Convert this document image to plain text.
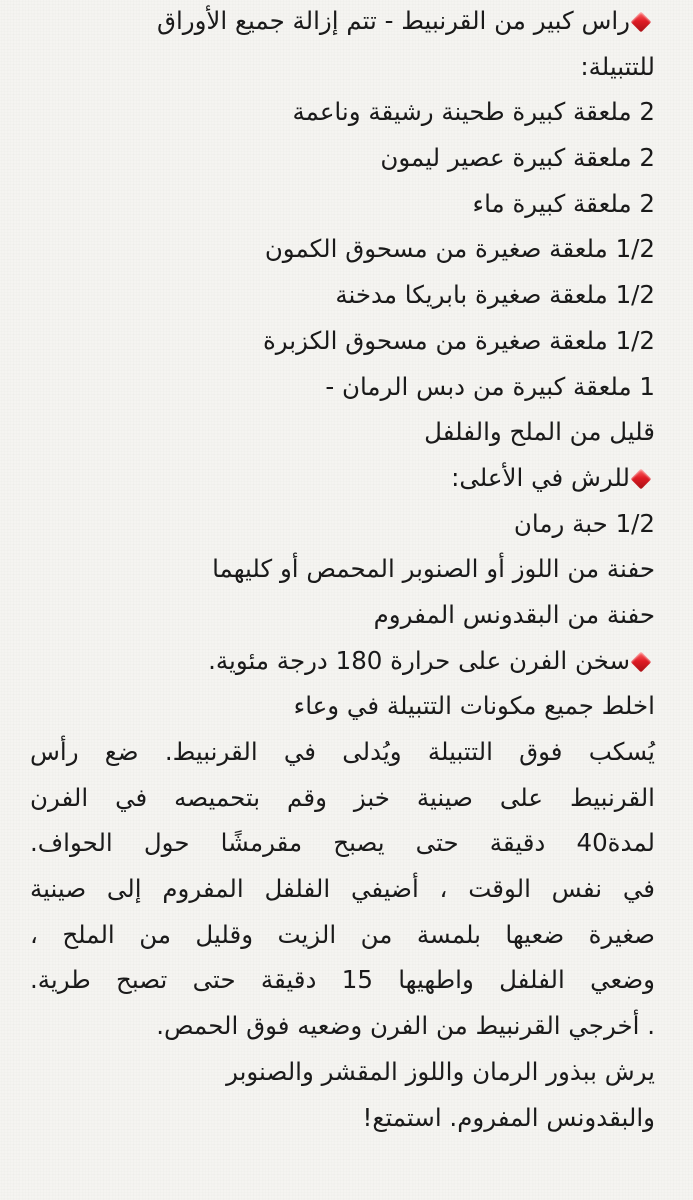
راس كبير من القرنبيط - تتم إزالة جميع الأوراق
للتتبيلة:
2 ملعقة كبيرة طحينة رشيقة وناعمة
2 ملعقة كبيرة عصير ليمون
2 ملعقة كبيرة ماء
1/2 ملعقة صغيرة من مسحوق الكمون
1/2 ملعقة صغيرة بابريكا مدخنة
1/2 ملعقة صغيرة من مسحوق الكزبرة
1 ملعقة كبيرة من دبس الرمان -
قليل من الملح والفلفل
للرش في الأعلى:
1/2 حبة رمان
حفنة من اللوز أو الصنوبر المحمص أو كليهما
حفنة من البقدونس المفروم
سخن الفرن على حرارة 180 درجة مئوية.
اخلط جميع مكونات التتبيلة في وعاء
يُسكب فوق التتبيلة ويُدلى في القرنبيط. ضع رأس
القرنبيط على صينية خبز وقم بتحميصه في الفرن
لمدة40 دقيقة حتى يصبح مقرمشًا حول الحواف.
في نفس الوقت ، أضيفي الفلفل المفروم إلى صينية
صغيرة ضعيها بلمسة من الزيت وقليل من الملح ،
وضعي الفلفل واطهيها 15 دقيقة حتى تصبح طرية.
. أخرجي القرنبيط من الفرن وضعيه فوق الحمص.
يرش ببذور الرمان واللوز المقشر والصنوبر
والبقدونس المفروم. استمتع!
